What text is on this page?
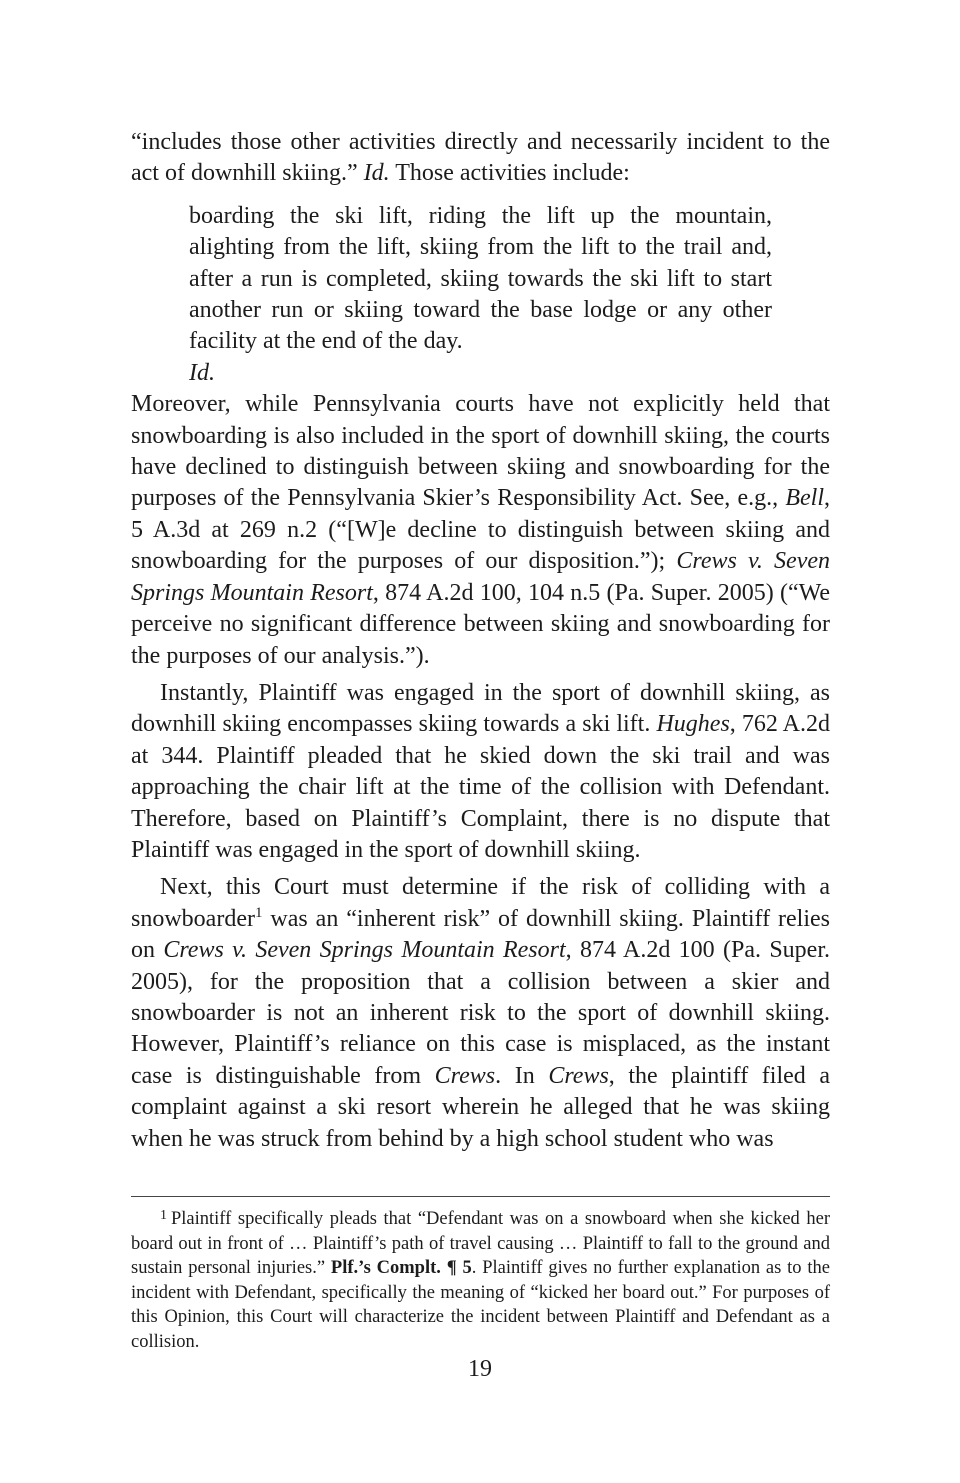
“includes those other activities directly and necessarily incident to the act of downhill skiing.” Id. Those activities include:

boarding the ski lift, riding the lift up the mountain, alighting from the lift, skiing from the lift to the trail and, after a run is completed, skiing towards the ski lift to start another run or skiing toward the base lodge or any other facility at the end of the day.

Id.

Moreover, while Pennsylvania courts have not explicitly held that snowboarding is also included in the sport of downhill skiing, the courts have declined to distinguish between skiing and snowboarding for the purposes of the Pennsylvania Skier’s Responsibility Act. See, e.g., Bell, 5 A.3d at 269 n.2 (“[W]e decline to distinguish between skiing and snowboarding for the purposes of our disposition.”); Crews v. Seven Springs Mountain Resort, 874 A.2d 100, 104 n.5 (Pa. Super. 2005) (“We perceive no significant difference between skiing and snowboarding for the purposes of our analysis.”).

Instantly, Plaintiff was engaged in the sport of downhill skiing, as downhill skiing encompasses skiing towards a ski lift. Hughes, 762 A.2d at 344. Plaintiff pleaded that he skied down the ski trail and was approaching the chair lift at the time of the collision with Defendant. Therefore, based on Plaintiff’s Complaint, there is no dispute that Plaintiff was engaged in the sport of downhill skiing.

Next, this Court must determine if the risk of colliding with a snowboarder$^1$ was an “inherent risk” of downhill skiing. Plaintiff relies on Crews v. Seven Springs Mountain Resort, 874 A.2d 100 (Pa. Super. 2005), for the proposition that a collision between a skier and snowboarder is not an inherent risk to the sport of downhill skiing. However, Plaintiff’s reliance on this case is misplaced, as the instant case is distinguishable from Crews. In Crews, the plaintiff filed a complaint against a ski resort wherein he alleged that he was skiing when he was struck from behind by a high school student who was

$^1$ Plaintiff specifically pleads that “Defendant was on a snowboard when she kicked her board out in front of … Plaintiff’s path of travel causing … Plaintiff to fall to the ground and sustain personal injuries.” Plf.’s Complt. ¶ 5. Plaintiff gives no further explanation as to the incident with Defendant, specifically the meaning of “kicked her board out.” For purposes of this Opinion, this Court will characterize the incident between Plaintiff and Defendant as a collision.

19
